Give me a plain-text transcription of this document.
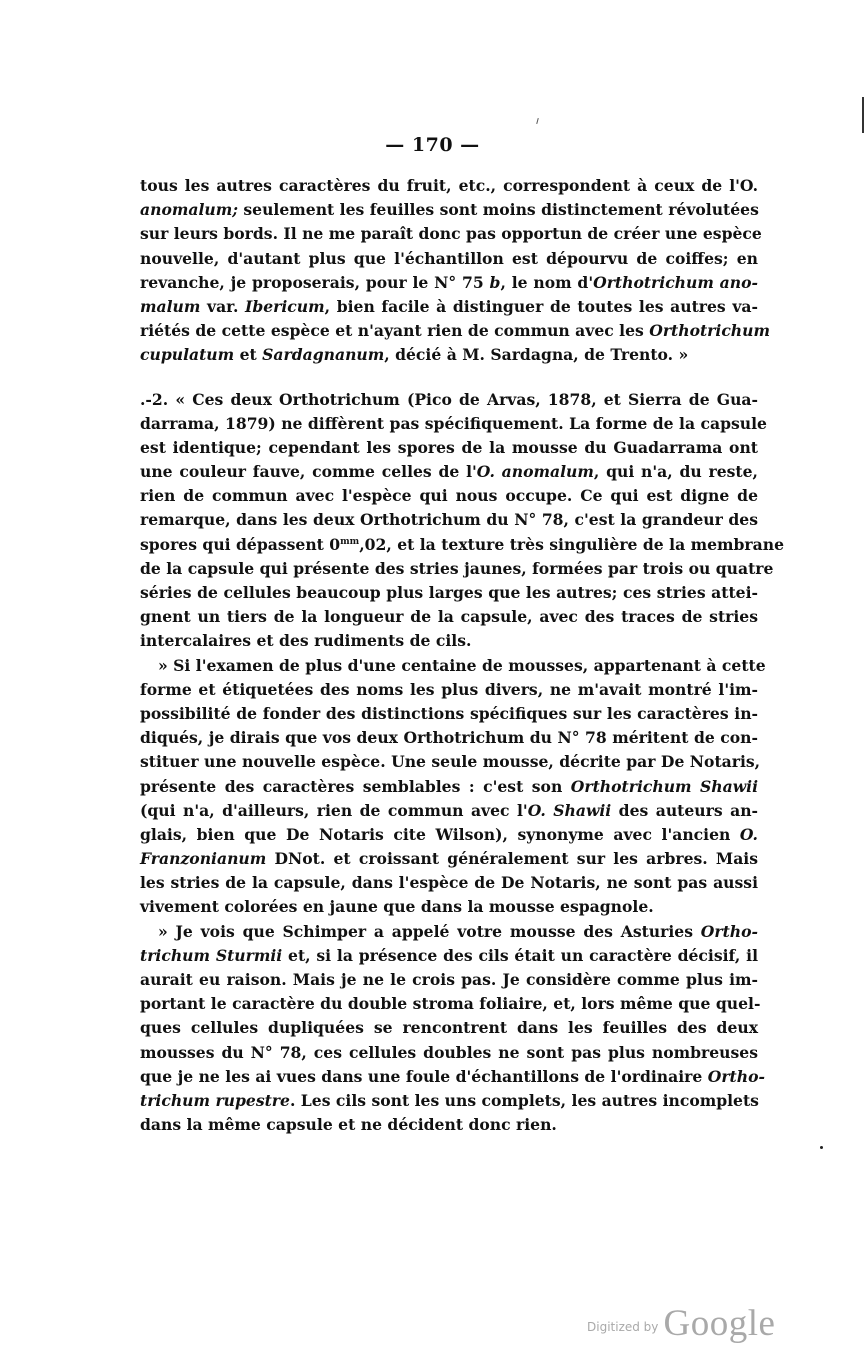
— 170 —
tous les autres caractères du fruit, etc., correspondent à ceux de l'O.
anomalum; seulement les feuilles sont moins distinctement révolutées
sur leurs bords. Il ne me paraît donc pas opportun de créer une espèce
nouvelle, d'autant plus que l'échantillon est dépourvu de coiffes; en
revanche, je proposerais, pour le N° 75 b, le nom d'Orthotrichum ano-
malum var. Ibericum, bien facile à distinguer de toutes les autres va-
riétés de cette espèce et n'ayant rien de commun avec les Orthotrichum
cupulatum et Sardagnanum, décié à M. Sardagna, de Trento. »
.-2. « Ces deux Orthotrichum (Pico de Arvas, 1878, et Sierra de Gua-
darrama, 1879) ne diffèrent pas spécifiquement. La forme de la capsule
est identique; cependant les spores de la mousse du Guadarrama ont
une couleur fauve, comme celles de l'O. anomalum, qui n'a, du reste,
rien de commun avec l'espèce qui nous occupe. Ce qui est digne de
remarque, dans les deux Orthotrichum du N° 78, c'est la grandeur des
spores qui dépassent $0^{mm},02$, et la texture très singulière de la membrane
de la capsule qui présente des stries jaunes, formées par trois ou quatre
séries de cellules beaucoup plus larges que les autres; ces stries attei-
gnent un tiers de la longueur de la capsule, avec des traces de stries
intercalaires et des rudiments de cils.
» Si l'examen de plus d'une centaine de mousses, appartenant à cette
forme et étiquetées des noms les plus divers, ne m'avait montré l'im-
possibilité de fonder des distinctions spécifiques sur les caractères in-
diqués, je dirais que vos deux Orthotrichum du N° 78 méritent de con-
stituer une nouvelle espèce. Une seule mousse, décrite par De Notaris,
présente des caractères semblables : c'est son Orthotrichum Shawii
(qui n'a, d'ailleurs, rien de commun avec l'O. Shawii des auteurs an-
glais, bien que De Notaris cite Wilson), synonyme avec l'ancien O.
Franzonianum DNot. et croissant généralement sur les arbres. Mais
les stries de la capsule, dans l'espèce de De Notaris, ne sont pas aussi
vivement colorées en jaune que dans la mousse espagnole.
» Je vois que Schimper a appelé votre mousse des Asturies Ortho-
trichum Sturmii et, si la présence des cils était un caractère décisif, il
aurait eu raison. Mais je ne le crois pas. Je considère comme plus im-
portant le caractère du double stroma foliaire, et, lors même que quel-
ques cellules dupliquées se rencontrent dans les feuilles des deux
mousses du N° 78, ces cellules doubles ne sont pas plus nombreuses
que je ne les ai vues dans une foule d'échantillons de l'ordinaire Ortho-
trichum rupestre. Les cils sont les uns complets, les autres incomplets
dans la même capsule et ne décident donc rien.
$^{Digitized by}$ Google
